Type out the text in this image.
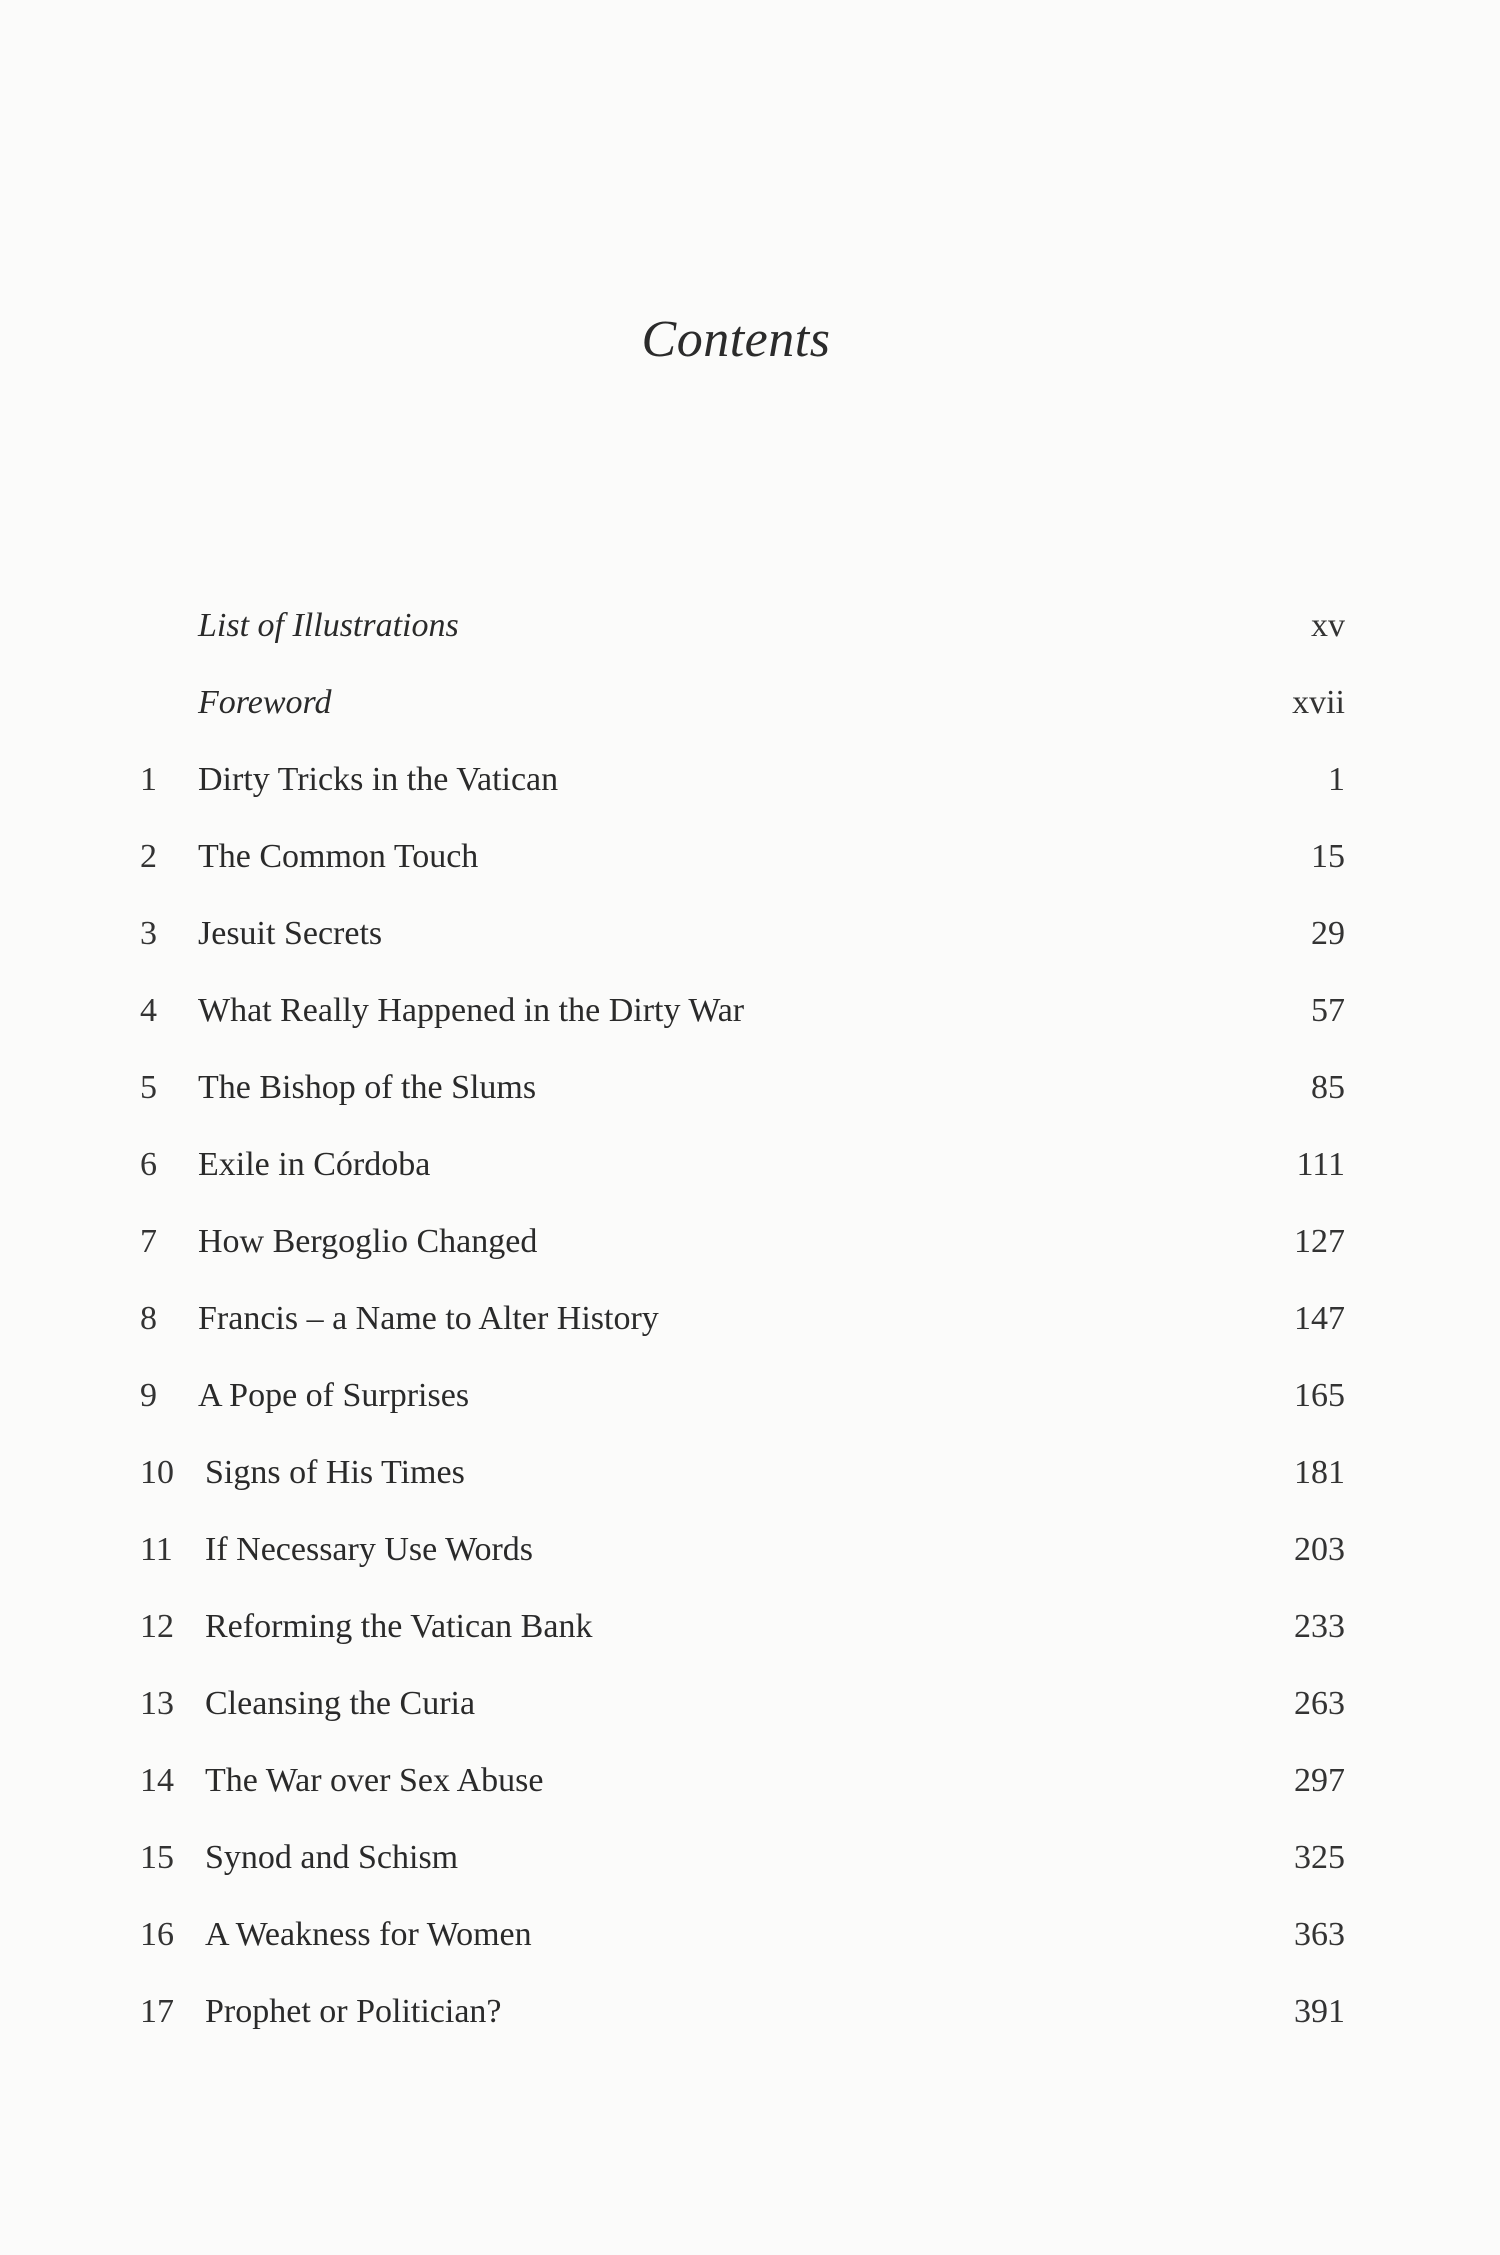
Contents
List of Illustrations	xv
Foreword	xvii
1 Dirty Tricks in the Vatican	1
2 The Common Touch	15
3 Jesuit Secrets	29
4 What Really Happened in the Dirty War	57
5 The Bishop of the Slums	85
6 Exile in Córdoba	111
7 How Bergoglio Changed	127
8 Francis – a Name to Alter History	147
9 A Pope of Surprises	165
10 Signs of His Times	181
11 If Necessary Use Words	203
12 Reforming the Vatican Bank	233
13 Cleansing the Curia	263
14 The War over Sex Abuse	297
15 Synod and Schism	325
16 A Weakness for Women	363
17 Prophet or Politician?	391
